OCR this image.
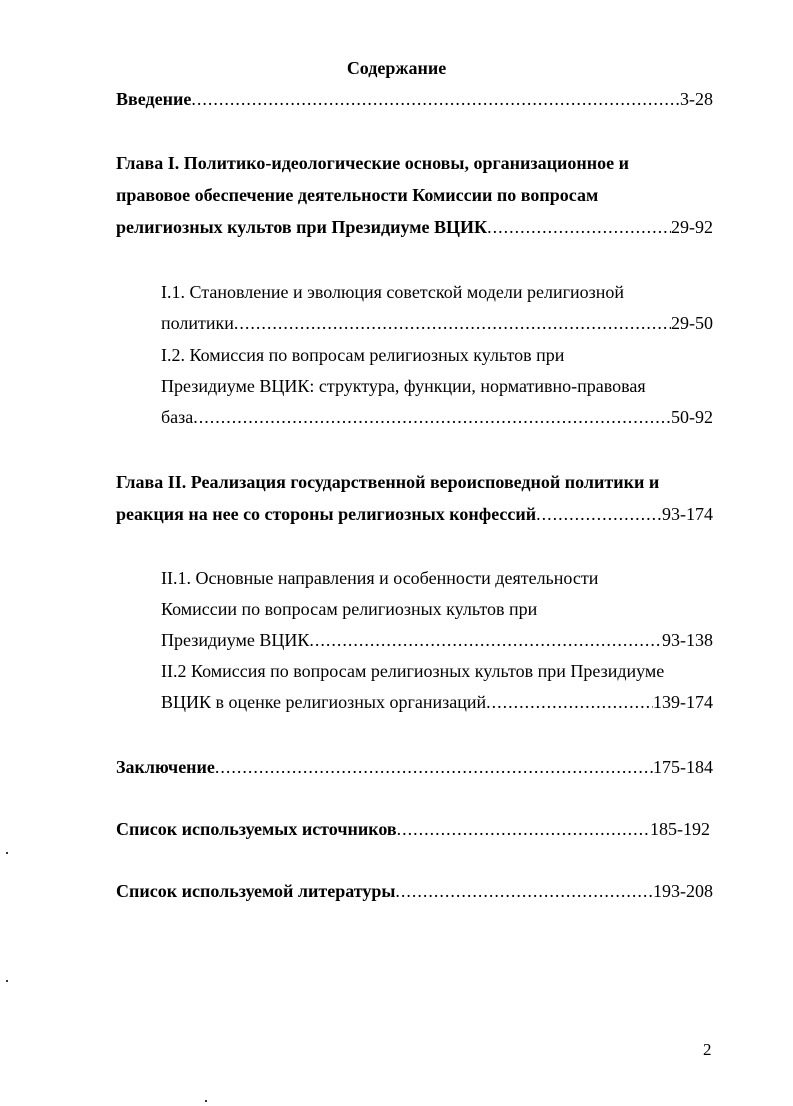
Содержание
Введение .....	3-28
Глава I. Политико-идеологические основы, организационное и
правовое обеспечение деятельности Комиссии по вопросам
религиозных культов при Президиуме ВЦИК .....	29-92
I.1. Становление и эволюция советской модели религиозной
политики .....	29-50
I.2. Комиссия по вопросам религиозных культов при
Президиуме ВЦИК: структура, функции, нормативно-правовая
база .....	50-92
Глава II. Реализация государственной вероисповедной политики и
реакция на нее со стороны религиозных конфессий .....	93-174
II.1. Основные направления и особенности деятельности
Комиссии по вопросам религиозных культов при
Президиуме ВЦИК .....	93-138
II.2 Комиссия по вопросам религиозных культов при Президиуме
ВЦИК в оценке религиозных организаций .....	139-174
Заключение .....	175-184
Список используемых источников .....	185-192
Список используемой литературы .....	193-208
2
